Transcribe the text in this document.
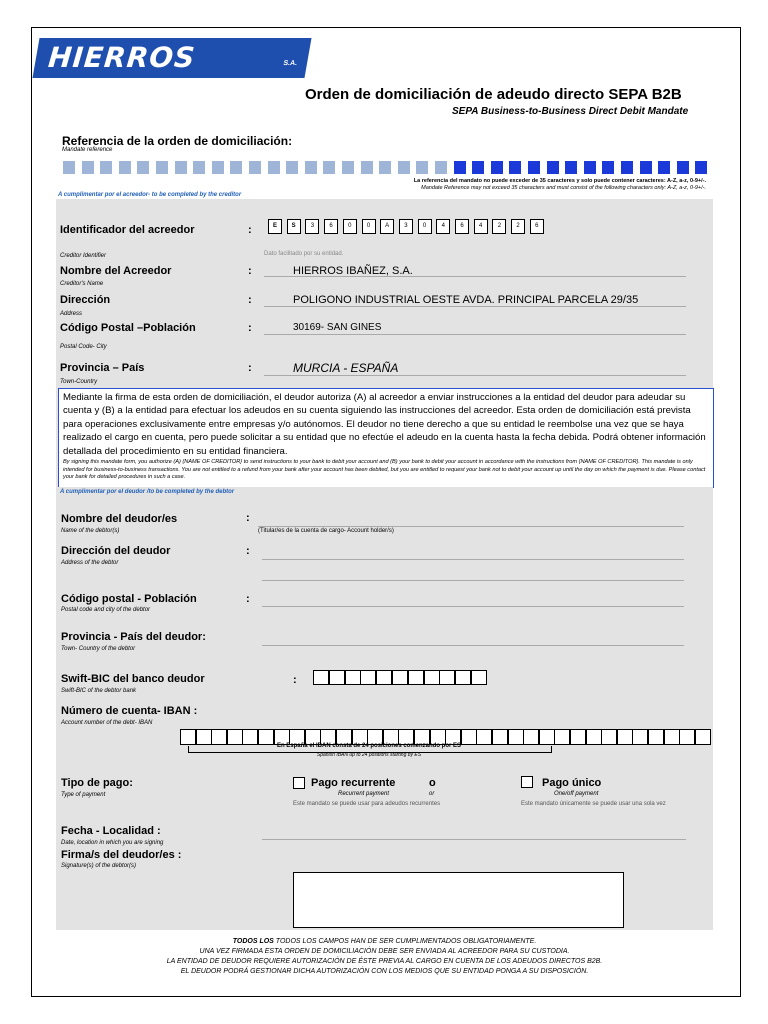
HIERROS IBAÑEZ
S.A.
Orden de domiciliación de adeudo directo SEPA B2B
SEPA Business-to-Business Direct Debit Mandate
Referencia de la orden de domiciliación:
Mandate reference
La referencia del mandato no puede exceder de 35 caracteres y solo puede contener caracteres: A-Z, a-z, 0-9+/-.
Mandate Reference may not exceed 35 characters and must consist of the following characters only: A-Z, a-z, 0-9+/-.
A cumplimentar por el acreedor- to be completed by the creditor
Identificador del acreedor	:	E	S	3	6	0	0	A	3	0	4	6	4	2	2	6
Creditor Identifier	Dato facilitado por su entidad.
Nombre del Acreedor
Creditor's Name
:	HIERROS IBAÑEZ, S.A.
Dirección
Address
:	POLIGONO INDUSTRIAL OESTE AVDA. PRINCIPAL PARCELA 29/35
Código Postal –Población
Postal Code- City
:	30169- SAN GINES
Provincia – País
Town-Country
:	MURCIA - ESPAÑA

Mediante la firma de esta orden de domiciliación, el deudor autoriza (A) al acreedor a enviar instrucciones a la entidad del deudor para adeudar su cuenta y (B) a la entidad para efectuar los adeudos en su cuenta siguiendo las instrucciones del acreedor. Esta orden de domiciliación está prevista para operaciones exclusivamente entre empresas y/o autónomos. El deudor no tiene derecho a que su entidad le reembolse una vez que se haya realizado el cargo en cuenta, pero puede solicitar a su entidad que no efectúe el adeudo en la cuenta hasta la fecha debida. Podrá obtener información detallada del procedimiento en su entidad financiera.

By signing this mandate form, you authorize (A) {NAME OF CREDITOR} to send instructions to your bank to debit your account and (B) your bank to debit your account in accordance with the instructions from {NAME OF CREDITOR}. This mandate is only intended for business-to-business transactions. You are not entitled to a refund from your bank after your account has been debited, but you are entitled to request your bank not to debit your account up until the day on which the payment is due. Please contact your bank for detailed procedures in such a case.

A cumplimentar por el deudor /to be completed by the debtor
Nombre del deudor/es
Name of the debtor(s)
:
(Titular/es de la cuenta de cargo- Account holder/s)
Dirección del deudor
Address of the debtor
:
Código postal - Población
Postal code and city of the debtor
:
Provincia - País del deudor:
Town- Country of the debtor
Swift-BIC del banco deudor
Swift-BIC of the debtor bank
:
Número de cuenta- IBAN :
Account number of the debt- IBAN
En España el IBAN consta de 24 posiciones comenzando por ES
Spanish IBAN up to 24 positions starting by ES
Tipo de pago:
Type of payment
Pago recurrente
Recurrent payment
Este mandato se puede usar para adeudos recurrentes
o
or
Pago único
One/off payment
Este mandato únicamente se puede usar una sola vez
Fecha - Localidad :
Date, location in which you are signing
Firma/s del deudor/es :
Signature(s) of the debtor(s)
TODOS LOS TODOS LOS CAMPOS HAN DE SER CUMPLIMENTADOS OBLIGATORIAMENTE.
UNA VEZ FIRMADA ESTA ORDEN DE DOMICILIACIÓN DEBE SER ENVIADA AL ACREEDOR PARA SU CUSTODIA.
LA ENTIDAD DE DEUDOR REQUIERE AUTORIZACIÓN DE ÉSTE PREVIA AL CARGO EN CUENTA DE LOS ADEUDOS DIRECTOS B2B.
EL DEUDOR PODRÁ GESTIONAR DICHA AUTORIZACIÓN CON LOS MEDIOS QUE SU ENTIDAD PONGA A SU DISPOSICIÓN.
